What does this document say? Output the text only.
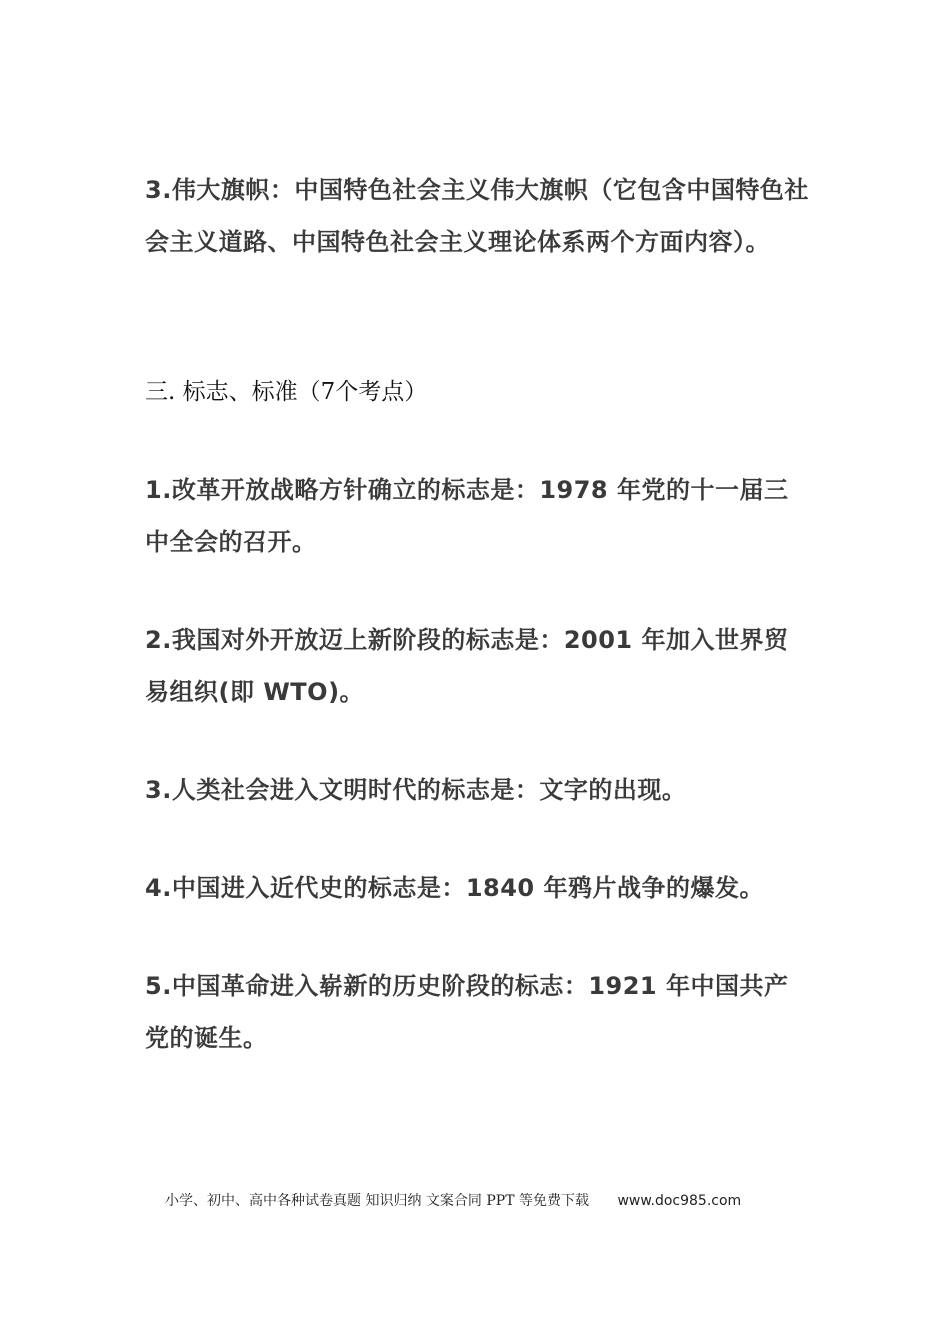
3.伟大旗帜：中国特色社会主义伟大旗帜（它包含中国特色社会主义道路、中国特色社会主义理论体系两个方面内容）。

三. 标志、标准（7个考点）

1.改革开放战略方针确立的标志是：1978 年党的十一届三中全会的召开。

2.我国对外开放迈上新阶段的标志是：2001 年加入世界贸易组织(即 WTO)。

3.人类社会进入文明时代的标志是：文字的出现。

4.中国进入近代史的标志是：1840 年鸦片战争的爆发。

5.中国革命进入崭新的历史阶段的标志：1921 年中国共产党的诞生。

小学、初中、高中各种试卷真题 知识归纳 文案合同 PPT 等免费下载 www.doc985.com
